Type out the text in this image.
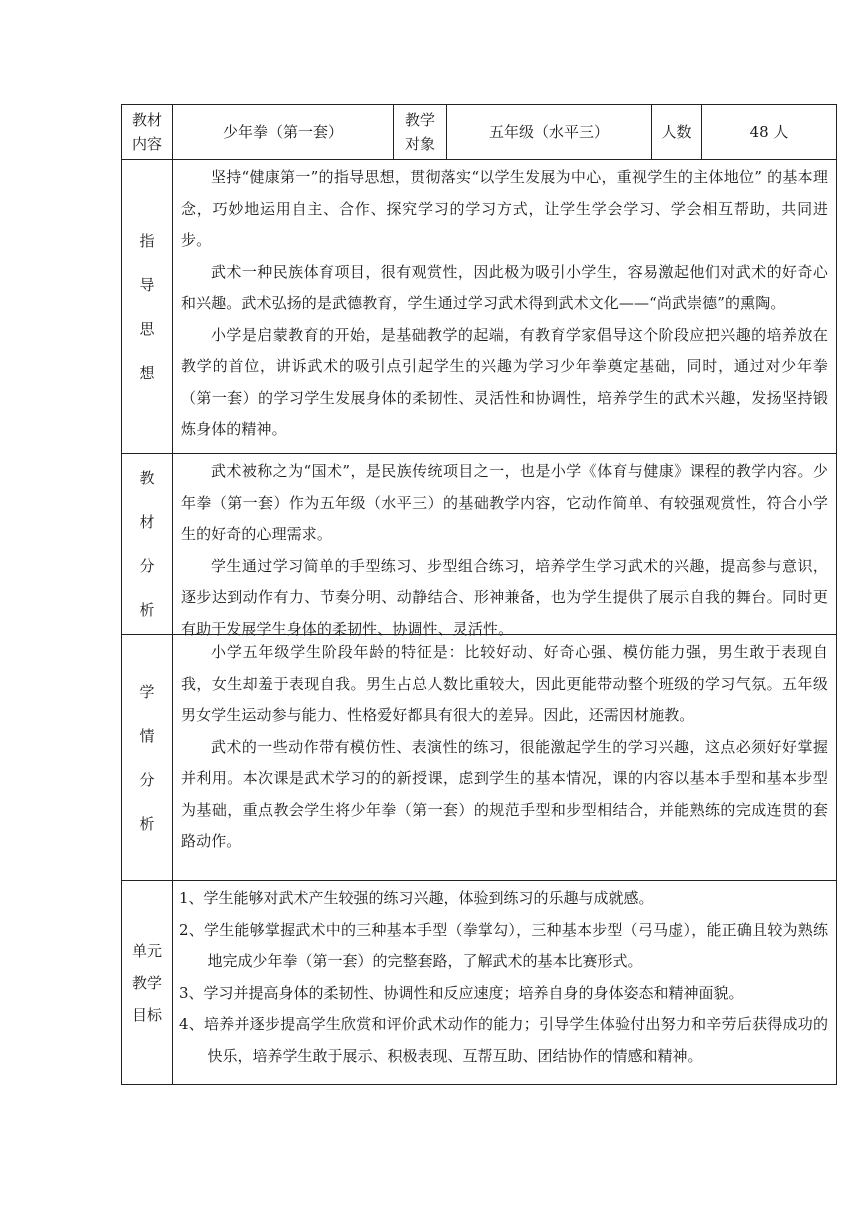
教材
内容
少年拳（第一套）
教学
对象
五年级（水平三）	人数	48 人
指
导
思
想

坚持“健康第一”的指导思想，贯彻落实“以学生发展为中心，重视学生的主体地位” 的基本理念，巧妙地运用自主、合作、探究学习的学习方式，让学生学会学习、学会相互帮助，共同进步。

武术一种民族体育项目，很有观赏性，因此极为吸引小学生，容易激起他们对武术的好奇心和兴趣。武术弘扬的是武德教育，学生通过学习武术得到武术文化——“尚武崇德”的熏陶。

小学是启蒙教育的开始，是基础教学的起端，有教育学家倡导这个阶段应把兴趣的培养放在教学的首位，讲诉武术的吸引点引起学生的兴趣为学习少年拳奠定基础，同时，通过对少年拳（第一套）的学习学生发展身体的柔韧性、灵活性和协调性，培养学生的武术兴趣，发扬坚持锻炼身体的精神。

教
材
分
析

武术被称之为“国术”，是民族传统项目之一，也是小学《体育与健康》课程的教学内容。少年拳（第一套）作为五年级（水平三）的基础教学内容，它动作简单、有较强观赏性，符合小学生的好奇的心理需求。

学生通过学习简单的手型练习、步型组合练习，培养学生学习武术的兴趣，提高参与意识，逐步达到动作有力、节奏分明、动静结合、形神兼备，也为学生提供了展示自我的舞台。同时更有助于发展学生身体的柔韧性、协调性、灵活性。

学
情
分
析

小学五年级学生阶段年龄的特征是：比较好动、好奇心强、模仿能力强，男生敢于表现自我，女生却羞于表现自我。男生占总人数比重较大，因此更能带动整个班级的学习气氛。五年级男女学生运动参与能力、性格爱好都具有很大的差异。因此，还需因材施教。

武术的一些动作带有模仿性、表演性的练习，很能激起学生的学习兴趣，这点必须好好掌握并利用。本次课是武术学习的的新授课，虑到学生的基本情况，课的内容以基本手型和基本步型为基础，重点教会学生将少年拳（第一套）的规范手型和步型相结合，并能熟练的完成连贯的套路动作。

单元
教学
目标

1、学生能够对武术产生较强的练习兴趣，体验到练习的乐趣与成就感。

2、学生能够掌握武术中的三种基本手型（拳掌勾），三种基本步型（弓马虚），能正确且较为熟练地完成少年拳（第一套）的完整套路，了解武术的基本比赛形式。

3、学习并提高身体的柔韧性、协调性和反应速度；培养自身的身体姿态和精神面貌。

4、培养并逐步提高学生欣赏和评价武术动作的能力；引导学生体验付出努力和辛劳后获得成功的快乐，培养学生敢于展示、积极表现、互帮互助、团结协作的情感和精神。
